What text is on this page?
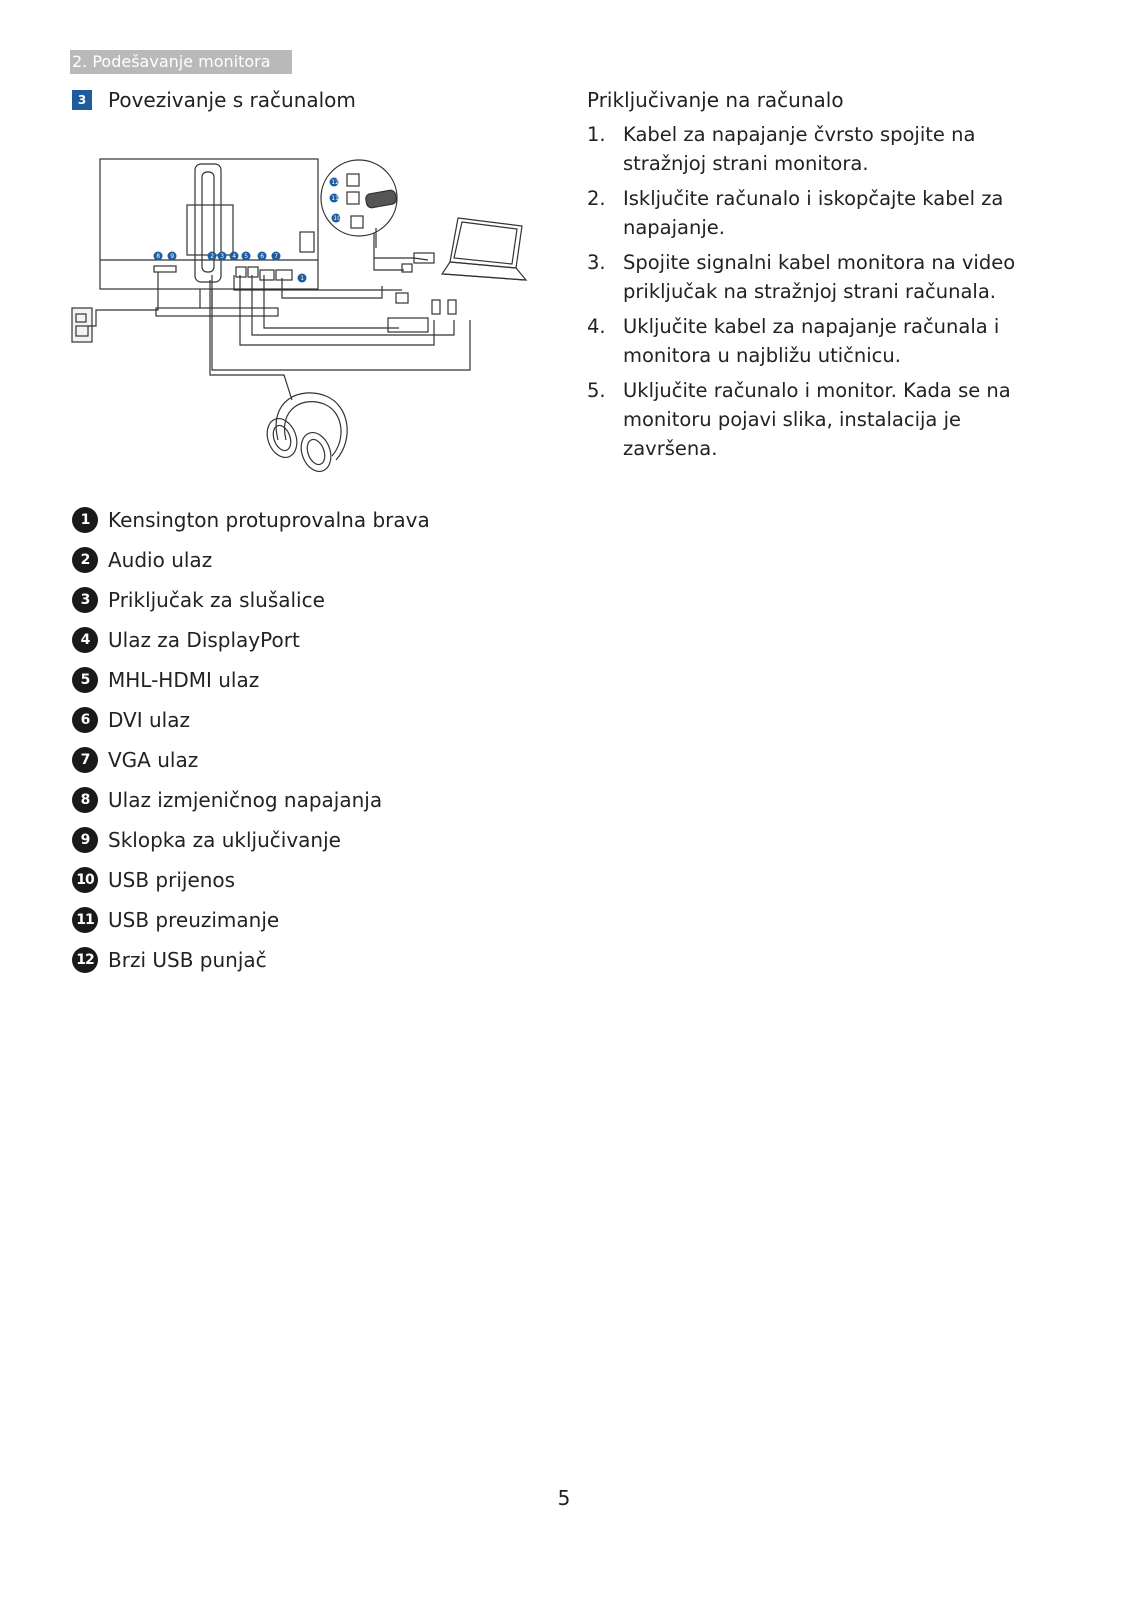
2. Podešavanje monitora
3 Povezivanje s računalom
12
11
10
8 9	2 3 4 5 6 7
1
1 Kensington protuprovalna brava
2 Audio ulaz
3 Priključak za slušalice
4 Ulaz za DisplayPort
5 MHL-HDMI ulaz
6 DVI ulaz
7 VGA ulaz
8 Ulaz izmjeničnog napajanja
9 Sklopka za uključivanje
10 USB prijenos
11 USB preuzimanje
12 Brzi USB punjač
Priključivanje na računalo
1. Kabel za napajanje čvrsto spojite na stražnjoj strani monitora.
2. Isključite računalo i iskopčajte kabel za napajanje.
3. Spojite signalni kabel monitora na video priključak na stražnjoj strani računala.
4. Uključite kabel za napajanje računala i monitora u najbližu utičnicu.
5. Uključite računalo i monitor. Kada se na monitoru pojavi slika, instalacija je završena.
5
